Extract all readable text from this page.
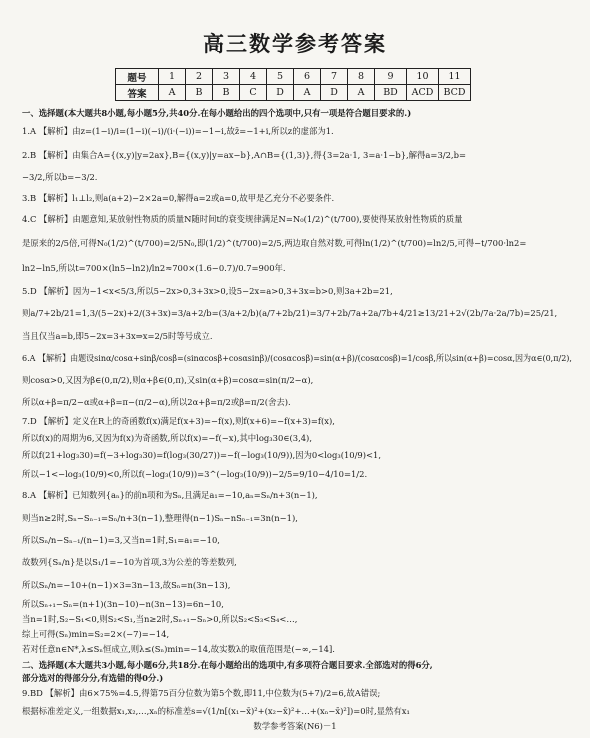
高三数学参考答案
题号	1	2	3	4	5	6	7	8	9	10	11
答案	A	B	B	C	D	A	D	A	BD	ACD	BCD
一、选择题(本大题共8小题,每小题5分,共40分.在每小题给出的四个选项中,只有一项是符合题目要求的.)
1.A 【解析】由z=(1−i)/i=(1−i)(−i)/(i·(−i))=−1−i,故z̄=−1+i,所以z的虚部为1.
2.B 【解析】由集合A={(x,y)|y=2ax},B={(x,y)|y=ax−b},A∩B={(1,3)},得{3=2a·1, 3=a·1−b},解得a=3/2,b=
−3/2,所以b=−3/2.
3.B 【解析】l₁⊥l₂,则a(a+2)−2×2a=0,解得a=2或a=0,故甲是乙充分不必要条件.
4.C 【解析】由题意知,某放射性物质的质量N随时间t的衰变规律满足N=N₀(1/2)^(t/700),要使得某放射性物质的质量
是原来的2/5倍,可得N₀(1/2)^(t/700)=2/5N₀,即(1/2)^(t/700)=2/5,两边取自然对数,可得ln(1/2)^(t/700)=ln2/5,可得−t/700·ln2=
ln2−ln5,所以t=700×(ln5−ln2)/ln2≈700×(1.6−0.7)/0.7=900年.
5.D 【解析】因为−1<x<5/3,所以5−2x>0,3+3x>0,设5−2x=a>0,3+3x=b>0,则3a+2b=21,
则a/7+2b/21=1,3/(5−2x)+2/(3+3x)=3/a+2/b=(3/a+2/b)(a/7+2b/21)=3/7+2b/7a+2a/7b+4/21≥13/21+2√(2b/7a·2a/7b)=25/21,
当且仅当a=b,即5−2x=3+3x⇒x=2/5时等号成立.
6.A 【解析】由题设sinα/cosα+sinβ/cosβ=(sinαcosβ+cosαsinβ)/(cosαcosβ)=sin(α+β)/(cosαcosβ)=1/cosβ,所以sin(α+β)=cosα,因为α∈(0,π/2),
则cosα>0,又因为β∈(0,π/2),则α+β∈(0,π),又sin(α+β)=cosα=sin(π/2−α),
所以α+β=π/2−α或α+β=π−(π/2−α),所以2α+β=π/2或β=π/2(舍去).
7.D 【解析】定义在R上的奇函数f(x)满足f(x+3)=−f(x),则f(x+6)=−f(x+3)=f(x),
所以f(x)的周期为6,又因为f(x)为奇函数,所以f(x)=−f(−x),其中log₃30∈(3,4),
所以f(21+log₃30)=f(−3+log₃30)=f(log₃(30/27))=−f(−log₃(10/9)),因为0<log₃(10/9)<1,
所以−1<−log₃(10/9)<0,所以f(−log₃(10/9))=3^(−log₃(10/9))−2/5=9/10−4/10=1/2.
8.A 【解析】已知数列{aₙ}的前n项和为Sₙ,且满足a₁=−10,aₙ=Sₙ/n+3(n−1),
则当n≥2时,Sₙ−Sₙ₋₁=Sₙ/n+3(n−1),整理得(n−1)Sₙ−nSₙ₋₁=3n(n−1),
所以Sₙ/n−Sₙ₋₁/(n−1)=3,又当n=1时,S₁=a₁=−10,
故数列{Sₙ/n}是以S₁/1=−10为首项,3为公差的等差数列,
所以Sₙ/n=−10+(n−1)×3=3n−13,故Sₙ=n(3n−13),
所以Sₙ₊₁−Sₙ=(n+1)(3n−10)−n(3n−13)=6n−10,
当n=1时,S₂−S₁<0,则S₂<S₁,当n≥2时,Sₙ₊₁−Sₙ>0,所以S₂<S₃<S₄<…,
综上可得(Sₙ)min=S₂=2×(−7)=−14,
若对任意n∈N*,λ≤Sₙ恒成立,则λ≤(Sₙ)min=−14,故实数λ的取值范围是(−∞,−14].
二、选择题(本大题共3小题,每小题6分,共18分.在每小题给出的选项中,有多项符合题目要求.全部选对的得6分,
部分选对的得部分分,有选错的得0分.)
9.BD 【解析】由6×75%=4.5,得第75百分位数为第5个数,即11,中位数为(5+7)/2=6,故A错误;
根据标准差定义,一组数据x₁,x₂,…,xₙ的标准差s=√(1/n[(x₁−x̄)²+(x₂−x̄)²+…+(xₙ−x̄)²])=0时,显然有x₁
数学参考答案(N6)－1
